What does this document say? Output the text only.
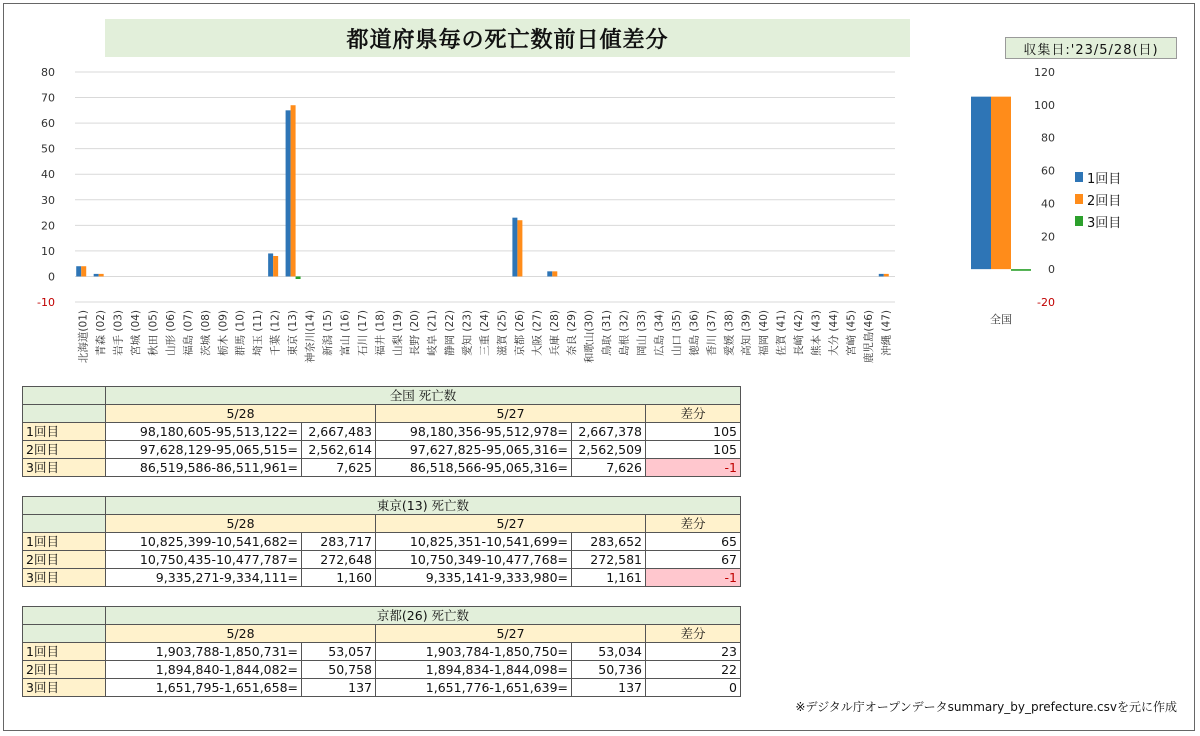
都道府県毎の死亡数前日値差分	収集日:'23/5/28(日)
-10
0
10
20
30
40
50
60
70
80
北海道(01) 青森 (02) 岩手 (03) 宮城 (04) 秋田 (05) 山形 (06) 福島 (07) 茨城 (08) 栃木 (09) 群馬 (10) 埼玉 (11) 千葉 (12) 東京 (13) 神奈川(14) 新潟 (15) 富山 (16) 石川 (17) 福井 (18) 山梨 (19) 長野 (20) 岐阜 (21) 静岡 (22) 愛知 (23) 三重 (24) 滋賀 (25) 京都 (26) 大阪 (27) 兵庫 (28) 奈良 (29) 和歌山(30) 鳥取 (31) 島根 (32) 岡山 (33) 広島 (34) 山口 (35) 徳島 (36) 香川 (37) 愛媛 (38) 高知 (39) 福岡 (40) 佐賀 (41) 長崎 (42) 熊本 (43) 大分 (44) 宮崎 (45) 鹿児島(46) 沖縄 (47)
-20
0
20
40
60
80
100
120
全国
1回目
2回目
3回目
	全国 死亡数				
	5/28		5/27		差分
1回目	98,180,605-95,513,122=	2,667,483	98,180,356-95,512,978=	2,667,378	105
2回目	97,628,129-95,065,515=	2,562,614	97,627,825-95,065,316=	2,562,509	105
3回目	86,519,586-86,511,961=	7,625	86,518,566-95,065,316=	7,626	-1
	東京(13) 死亡数				
	5/28		5/27		差分
1回目	10,825,399-10,541,682=	283,717	10,825,351-10,541,699=	283,652	65
2回目	10,750,435-10,477,787=	272,648	10,750,349-10,477,768=	272,581	67
3回目	9,335,271-9,334,111=	1,160	9,335,141-9,333,980=	1,161	-1
	京都(26) 死亡数				
	5/28		5/27		差分
1回目	1,903,788-1,850,731=	53,057	1,903,784-1,850,750=	53,034	23
2回目	1,894,840-1,844,082=	50,758	1,894,834-1,844,098=	50,736	22
3回目	1,651,795-1,651,658=	137	1,651,776-1,651,639=	137	0
※デジタル庁オープンデータsummary_by_prefecture.csvを元に作成
